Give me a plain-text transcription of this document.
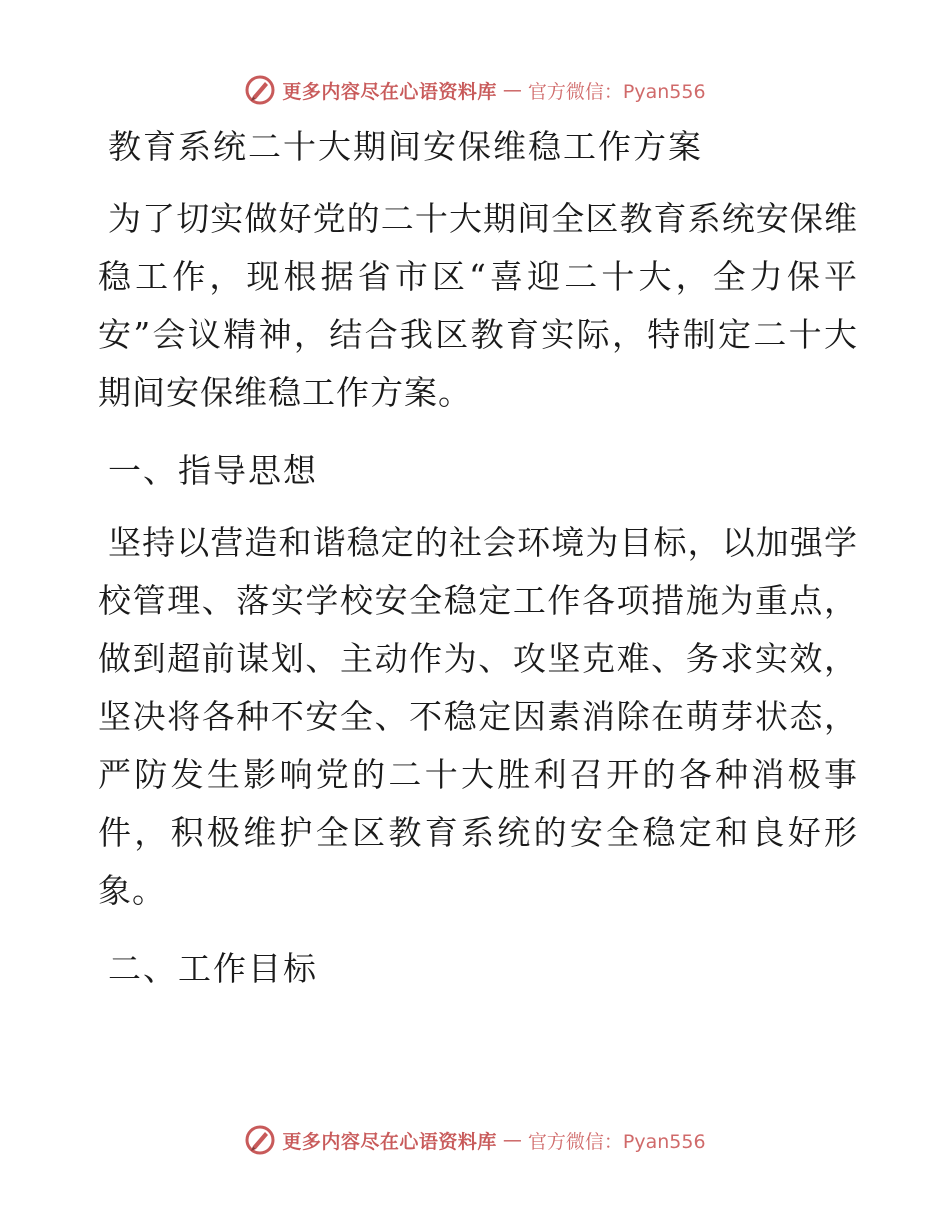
更多内容尽在心语资料库 — 官方微信：Pyan556
教育系统二十大期间安保维稳工作方案
为了切实做好党的二十大期间全区教育系统安保维稳工作，现根据省市区“喜迎二十大，全力保平安”会议精神，结合我区教育实际，特制定二十大期间安保维稳工作方案。
一、指导思想
坚持以营造和谐稳定的社会环境为目标，以加强学校管理、落实学校安全稳定工作各项措施为重点，做到超前谋划、主动作为、攻坚克难、务求实效，坚决将各种不安全、不稳定因素消除在萌芽状态，严防发生影响党的二十大胜利召开的各种消极事件，积极维护全区教育系统的安全稳定和良好形象。
二、工作目标
更多内容尽在心语资料库 — 官方微信：Pyan556
